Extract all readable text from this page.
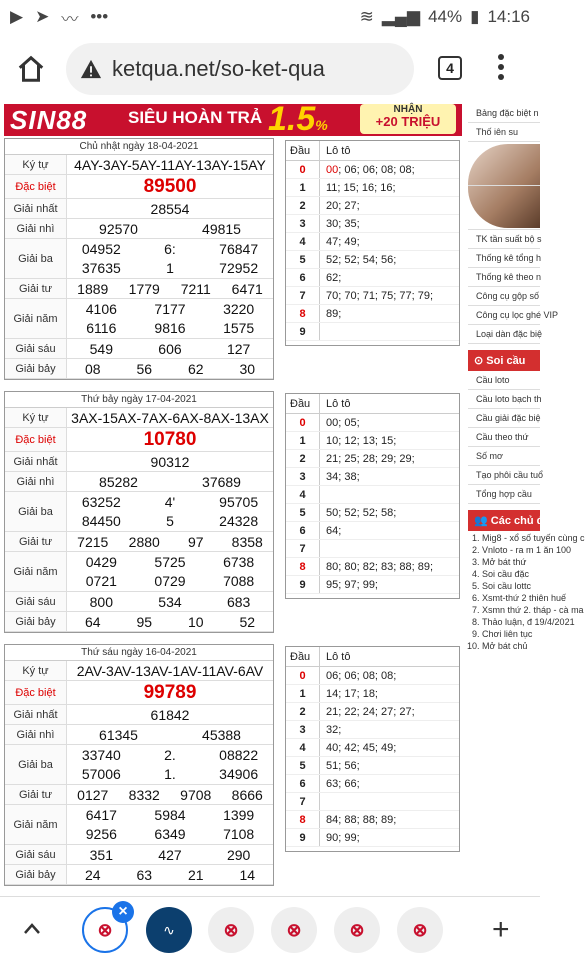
▶ ➤ 〰 •••	≋ ▂▄▆ 44% ▮ 14:16
ketqua.net/so-ket-qua	4
SIN88 SIÊU HOÀN TRẢ 1.5%
NHẬN
+20 TRIỆU
Chủ nhật ngày 18-04-2021
Ký tự	4AY-3AY-5AY-11AY-13AY-15AY
Đặc biệt	89500
Giải nhất	28554
Giải nhì	92570	49815
Giải ba
04952	6:	76847
37635	1	72952
Giải tư	1889	1779	7211	6471
Giải năm
4106	7177	3220
6116	9816	1575
Giải sáu	549	606	127
Giải bảy	08	56	62	30
Đầu	Lô tô
0	00; 06; 06; 08; 08;
1	11; 15; 16; 16;
2	20; 27;
3	30; 35;
4	47; 49;
5	52; 52; 54; 56;
6	62;
7	70; 70; 71; 75; 77; 79;
8	89;
9
Thứ bảy ngày 17-04-2021
Ký tự	3AX-15AX-7AX-6AX-8AX-13AX
Đặc biệt	10780
Giải nhất	90312
Giải nhì	85282	37689
Giải ba
63252	4'	95705
84450	5	24328
Giải tư	7215	2880	97	8358
Giải năm
0429	5725	6738
0721	0729	7088
Giải sáu	800	534	683
Giải bảy	64	95	10	52
Đầu	Lô tô
0	00; 05;
1	10; 12; 13; 15;
2	21; 25; 28; 29; 29;
3	34; 38;
4
5	50; 52; 52; 58;
6	64;
7
8	80; 80; 82; 83; 88; 89;
9	95; 97; 99;
Thứ sáu ngày 16-04-2021
Ký tự	2AV-3AV-13AV-1AV-11AV-6AV
Đặc biệt	99789
Giải nhất	61842
Giải nhì	61345	45388
Giải ba
33740	2.	08822
57006	1.	34906
Giải tư	0127	8332	9708	8666
Giải năm
6417	5984	1399
9256	6349	7108
Giải sáu	351	427	290
Giải bảy	24	63	21	14
Đầu	Lô tô
0	06; 06; 08; 08;
1	14; 17; 18;
2	21; 22; 24; 27; 27;
3	32;
4	40; 42; 45; 49;
5	51; 56;
6	63; 66;
7
8	84; 88; 88; 89;
9	90; 99;
Bảng đặc biệt n
Thố iên su
TK tần suất bộ s
Thống kê tổng h
Thống kê theo n
Công cụ gộp số
Công cụ lọc ghé VIP
Loại dàn đặc biệ
⊙ Soi cầu
Cầu loto
Cầu loto bạch th
Cầu giải đặc biệ
Cầu theo thứ
Số mơ
Tạo phôi cầu tuổ
Tổng hợp cầu
👥 Các chủ đ
1. Mig8 - xổ số tuyến cùng c
2. Vnloto - ra m 1 ăn 100
3. Mở bát thứ
4. Soi cầu đặc
5. Soi cầu lottc
6. Xsmt-thứ 2 thiên huế
7. Xsmn thứ 2. tháp - cà ma
8. Thảo luận, đ 19/4/2021
9. Chơi liên tục
10. Mở bát chủ
⊗
×
∿	⊗	⊗	⊗	⊗ +
